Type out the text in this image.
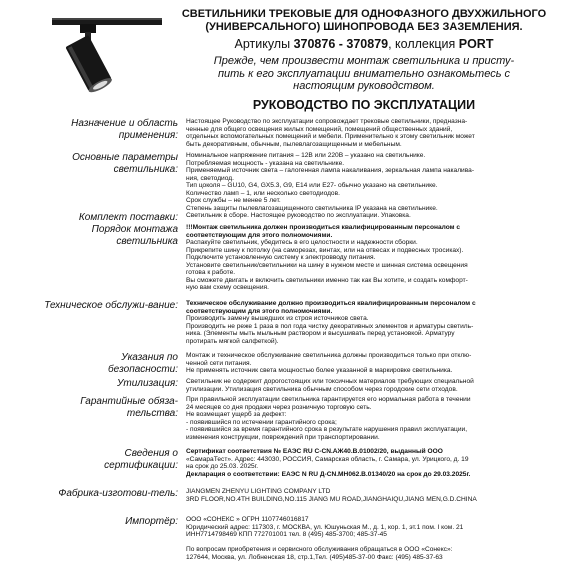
СВЕТИЛЬНИКИ ТРЕКОВЫЕ ДЛЯ ОДНОФАЗНОГО ДВУХЖИЛЬНОГО
(УНИВЕРСАЛЬНОГО) ШИНОПРОВОДА БЕЗ ЗАЗЕМЛЕНИЯ.
Артикулы 370876 - 370879, коллекция PORT
Прежде, чем произвести монтаж светильника и присту-
пить к его эксплуатации внимательно ознакомьтесь с
настоящим руководством.
РУКОВОДСТВО ПО ЭКСПЛУАТАЦИИ
Назначение и область применения:
Настоящее Руководство по эксплуатации сопровождает трековые светильники, предназна-
ченные для общего освещения жилых помещений, помещений общественных зданий,
отдельных вспомогательных помещений и мебели. Применительно к этому светильник может
быть декоративным, обычным, пылевлагозащищенным и мебельным.
Основные параметры светильника:
Номинальное напряжение питания – 12В или 220В – указано на светильнике.
Потребляемая мощность - указана на светильнике.
Применяемый источник света – галогенная лампа накаливания, зеркальная лампа накалива-
ния, светодиод.
Тип цоколя – GU10, G4, GX5.3, G9, E14 или E27- обычно указано на светильнике.
Количество ламп – 1, или несколько светодиодов.
Срок службы – не менее 5 лет.
Степень защиты пылевлагозащищенного светильника IP указана на светильнике.
Комплект поставки: Светильник в сборе. Настоящее руководство по эксплуатации. Упаковка.
Порядок монтажа светильника
!!!Монтаж светильника должен производиться квалифицированным персоналом с
соответствующим для этого полномочиями.
Распакуйте светильник, убедитесь в его целостности и надежности сборки.
Прикрепите шину к потолку (на саморезах, винтах, или на отвесах и подвесных тросиках).
Подключите установленную систему к электровводу питания.
Установите светильник/светильники на шину в нужном месте и шинная система освещения
готова к работе.
Вы сможете двигать и включить светильники именно так как Вы хотите, и создать комфорт-
ную вам схему освещения.
Техническое обслужи-вание: Техническое обслуживание должно производиться квалифицированным персоналом с
соответствующим для этого полномочиями.
Производить замену вышедших из строя источников света.
Производить не реже 1 раза в пол года чистку декоративных элементов и арматуры светиль-
ника. (Элементы мыть мыльным раствором и высушивать перед установкой. Арматуру
протирать мягкой салфеткой).
Указания по безопасности:
Монтаж и техническое обслуживание светильника должны производиться только при отклю-
ченной сети питания.
Не применять источник света мощностью более указанной в маркировке светильника.
Утилизация: Светильник не содержит дорогостоящих или токсичных материалов требующих специальной
утилизации. Утилизация светильника обычным способом через городские сети отходов.
Гарантийные обяза-тельства:
При правильной эксплуатации светильника гарантируется его нормальная работа в течении
24 месяцев со дня продажи через розничную торговую сеть.
Не возмещает ущерб за дефект:
- появившийся по истечении гарантийного срока;
- появившийся за время гарантийного срока в результате нарушения правил эксплуатации,
изменения конструкции, повреждений при транспортировании.
Сведения о сертификации:
Сертификат соответствия № ЕАЭС RU C-CN.АЖ40.В.01002/20, выданный ООО
«СамараТест». Адрес: 443030, РОССИЯ, Самарская область, г. Самара, ул. Урицкого, д. 19
на срок до 25.03. 2025г.
Декларация о соответствии: ЕАЭС N RU Д-CN.МН062.В.01340/20 на срок до 29.03.2025г.
Фабрика-изготови-тель: JIANGMEN ZHENYU LIGHTING COMPANY LTD
3RD FLOOR,NO.4TH BUILDING,NO.115 JIANG MU ROAD,JIANGHAIQU,JIANG MEN,G.D.CHINA
Импортёр: ООО «СОНЕКС » ОГРН 1107746016817
Юридический адрес: 117303, г. МОСКВА, ул. Юшуньская М., д. 1, кор. 1, эт.1 пом. I ком. 21
ИНН7714798469 КПП 772701001 тел. 8 (495) 485-3700; 485-37-45
По вопросам приобретения и сервисного обслуживания обращаться в ООО «Сонекс»:
127644, Москва, ул. Лобненская 18, стр.1,Тел. (495)485-37-00 Факс: (495) 485-37-63
